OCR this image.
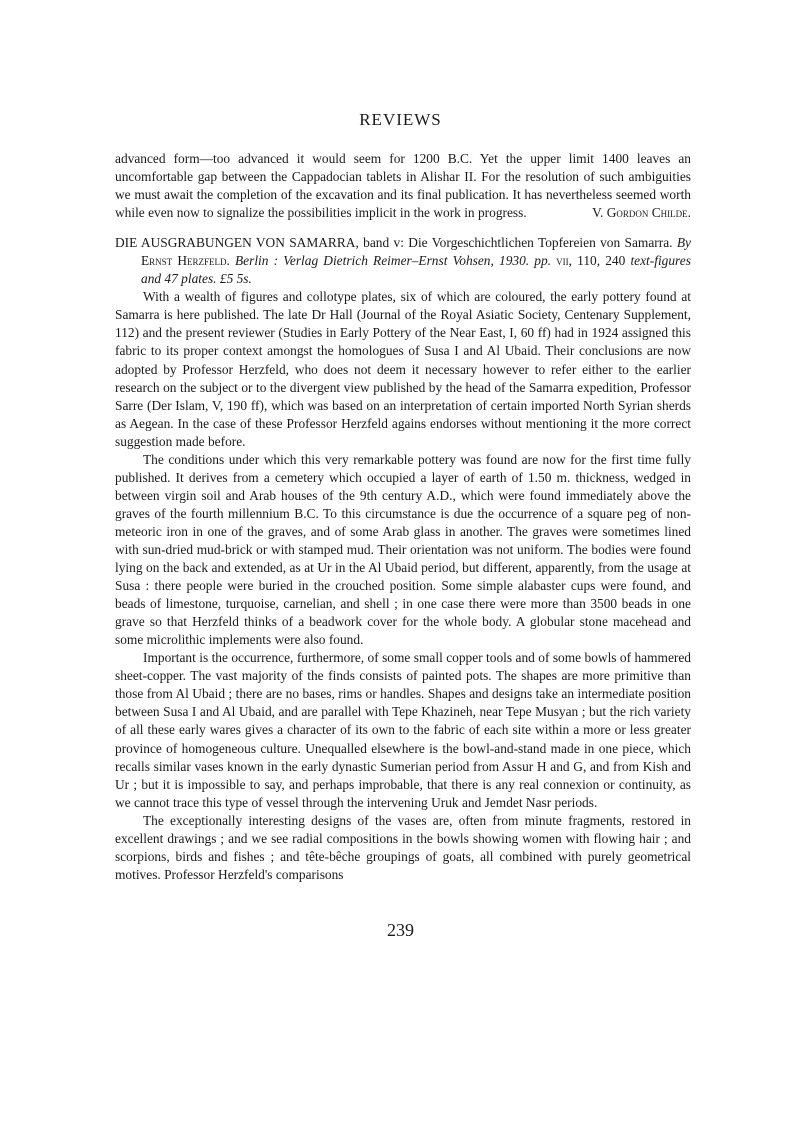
REVIEWS

advanced form—too advanced it would seem for 1200 B.C. Yet the upper limit 1400 leaves an uncomfortable gap between the Cappadocian tablets in Alishar II. For the resolution of such ambiguities we must await the completion of the excavation and its final publication. It has nevertheless seemed worth while even now to signalize the possibilities implicit in the work in progress.	V. Gordon Childe.

DIE AUSGRABUNGEN VON SAMARRA, band v: Die Vorgeschichtlichen Topfereien von Samarra. By Ernst Herzfeld. Berlin : Verlag Dietrich Reimer–Ernst Vohsen, 1930. pp. vii, 110, 240 text-figures and 47 plates. £5 5s.

With a wealth of figures and collotype plates, six of which are coloured, the early pottery found at Samarra is here published. The late Dr Hall (Journal of the Royal Asiatic Society, Centenary Supplement, 112) and the present reviewer (Studies in Early Pottery of the Near East, I, 60 ff) had in 1924 assigned this fabric to its proper context amongst the homologues of Susa I and Al Ubaid. Their conclusions are now adopted by Professor Herzfeld, who does not deem it necessary however to refer either to the earlier research on the subject or to the divergent view published by the head of the Samarra expedition, Professor Sarre (Der Islam, V, 190 ff), which was based on an interpretation of certain imported North Syrian sherds as Aegean. In the case of these Professor Herzfeld agains endorses without mentioning it the more correct suggestion made before.

The conditions under which this very remarkable pottery was found are now for the first time fully published. It derives from a cemetery which occupied a layer of earth of 1.50 m. thickness, wedged in between virgin soil and Arab houses of the 9th century A.D., which were found immediately above the graves of the fourth millennium B.C. To this circumstance is due the occurrence of a square peg of non-meteoric iron in one of the graves, and of some Arab glass in another. The graves were sometimes lined with sun-dried mud-brick or with stamped mud. Their orientation was not uniform. The bodies were found lying on the back and extended, as at Ur in the Al Ubaid period, but different, apparently, from the usage at Susa : there people were buried in the crouched position. Some simple alabaster cups were found, and beads of limestone, turquoise, carnelian, and shell ; in one case there were more than 3500 beads in one grave so that Herzfeld thinks of a beadwork cover for the whole body. A globular stone macehead and some microlithic implements were also found.

Important is the occurrence, furthermore, of some small copper tools and of some bowls of hammered sheet-copper. The vast majority of the finds consists of painted pots. The shapes are more primitive than those from Al Ubaid ; there are no bases, rims or handles. Shapes and designs take an intermediate position between Susa I and Al Ubaid, and are parallel with Tepe Khazineh, near Tepe Musyan ; but the rich variety of all these early wares gives a character of its own to the fabric of each site within a more or less greater province of homogeneous culture. Unequalled elsewhere is the bowl-and-stand made in one piece, which recalls similar vases known in the early dynastic Sumerian period from Assur H and G, and from Kish and Ur ; but it is impossible to say, and perhaps improbable, that there is any real connexion or continuity, as we cannot trace this type of vessel through the intervening Uruk and Jemdet Nasr periods.

The exceptionally interesting designs of the vases are, often from minute fragments, restored in excellent drawings ; and we see radial compositions in the bowls showing women with flowing hair ; and scorpions, birds and fishes ; and tête-bêche groupings of goats, all combined with purely geometrical motives. Professor Herzfeld's comparisons

239
